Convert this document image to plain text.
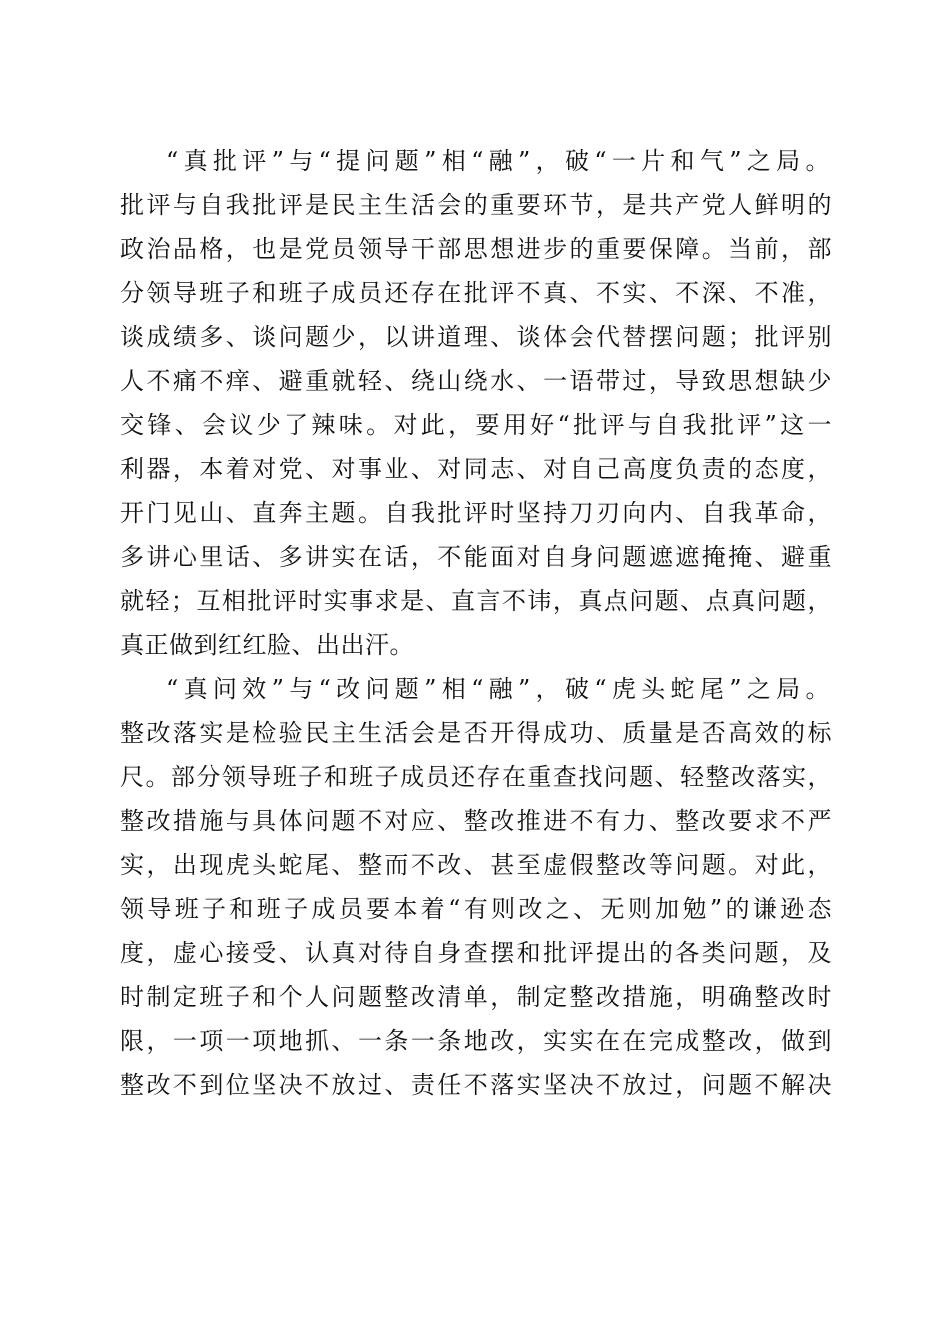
“真批评”与“提问题”相“融”，破“一片和气”之局。
批评与自我批评是民主生活会的重要环节，是共产党人鲜明的
政治品格，也是党员领导干部思想进步的重要保障。当前，部
分领导班子和班子成员还存在批评不真、不实、不深、不准，
谈成绩多、谈问题少，以讲道理、谈体会代替摆问题；批评别
人不痛不痒、避重就轻、绕山绕水、一语带过，导致思想缺少
交锋、会议少了辣味。对此，要用好“批评与自我批评”这一
利器，本着对党、对事业、对同志、对自己高度负责的态度，
开门见山、直奔主题。自我批评时坚持刀刃向内、自我革命，
多讲心里话、多讲实在话，不能面对自身问题遮遮掩掩、避重
就轻；互相批评时实事求是、直言不讳，真点问题、点真问题，
真正做到红红脸、出出汗。
“真问效”与“改问题”相“融”，破“虎头蛇尾”之局。
整改落实是检验民主生活会是否开得成功、质量是否高效的标
尺。部分领导班子和班子成员还存在重查找问题、轻整改落实，
整改措施与具体问题不对应、整改推进不有力、整改要求不严
实，出现虎头蛇尾、整而不改、甚至虚假整改等问题。对此，
领导班子和班子成员要本着“有则改之、无则加勉”的谦逊态
度，虚心接受、认真对待自身查摆和批评提出的各类问题，及
时制定班子和个人问题整改清单，制定整改措施，明确整改时
限，一项一项地抓、一条一条地改，实实在在完成整改，做到
整改不到位坚决不放过、责任不落实坚决不放过，问题不解决
